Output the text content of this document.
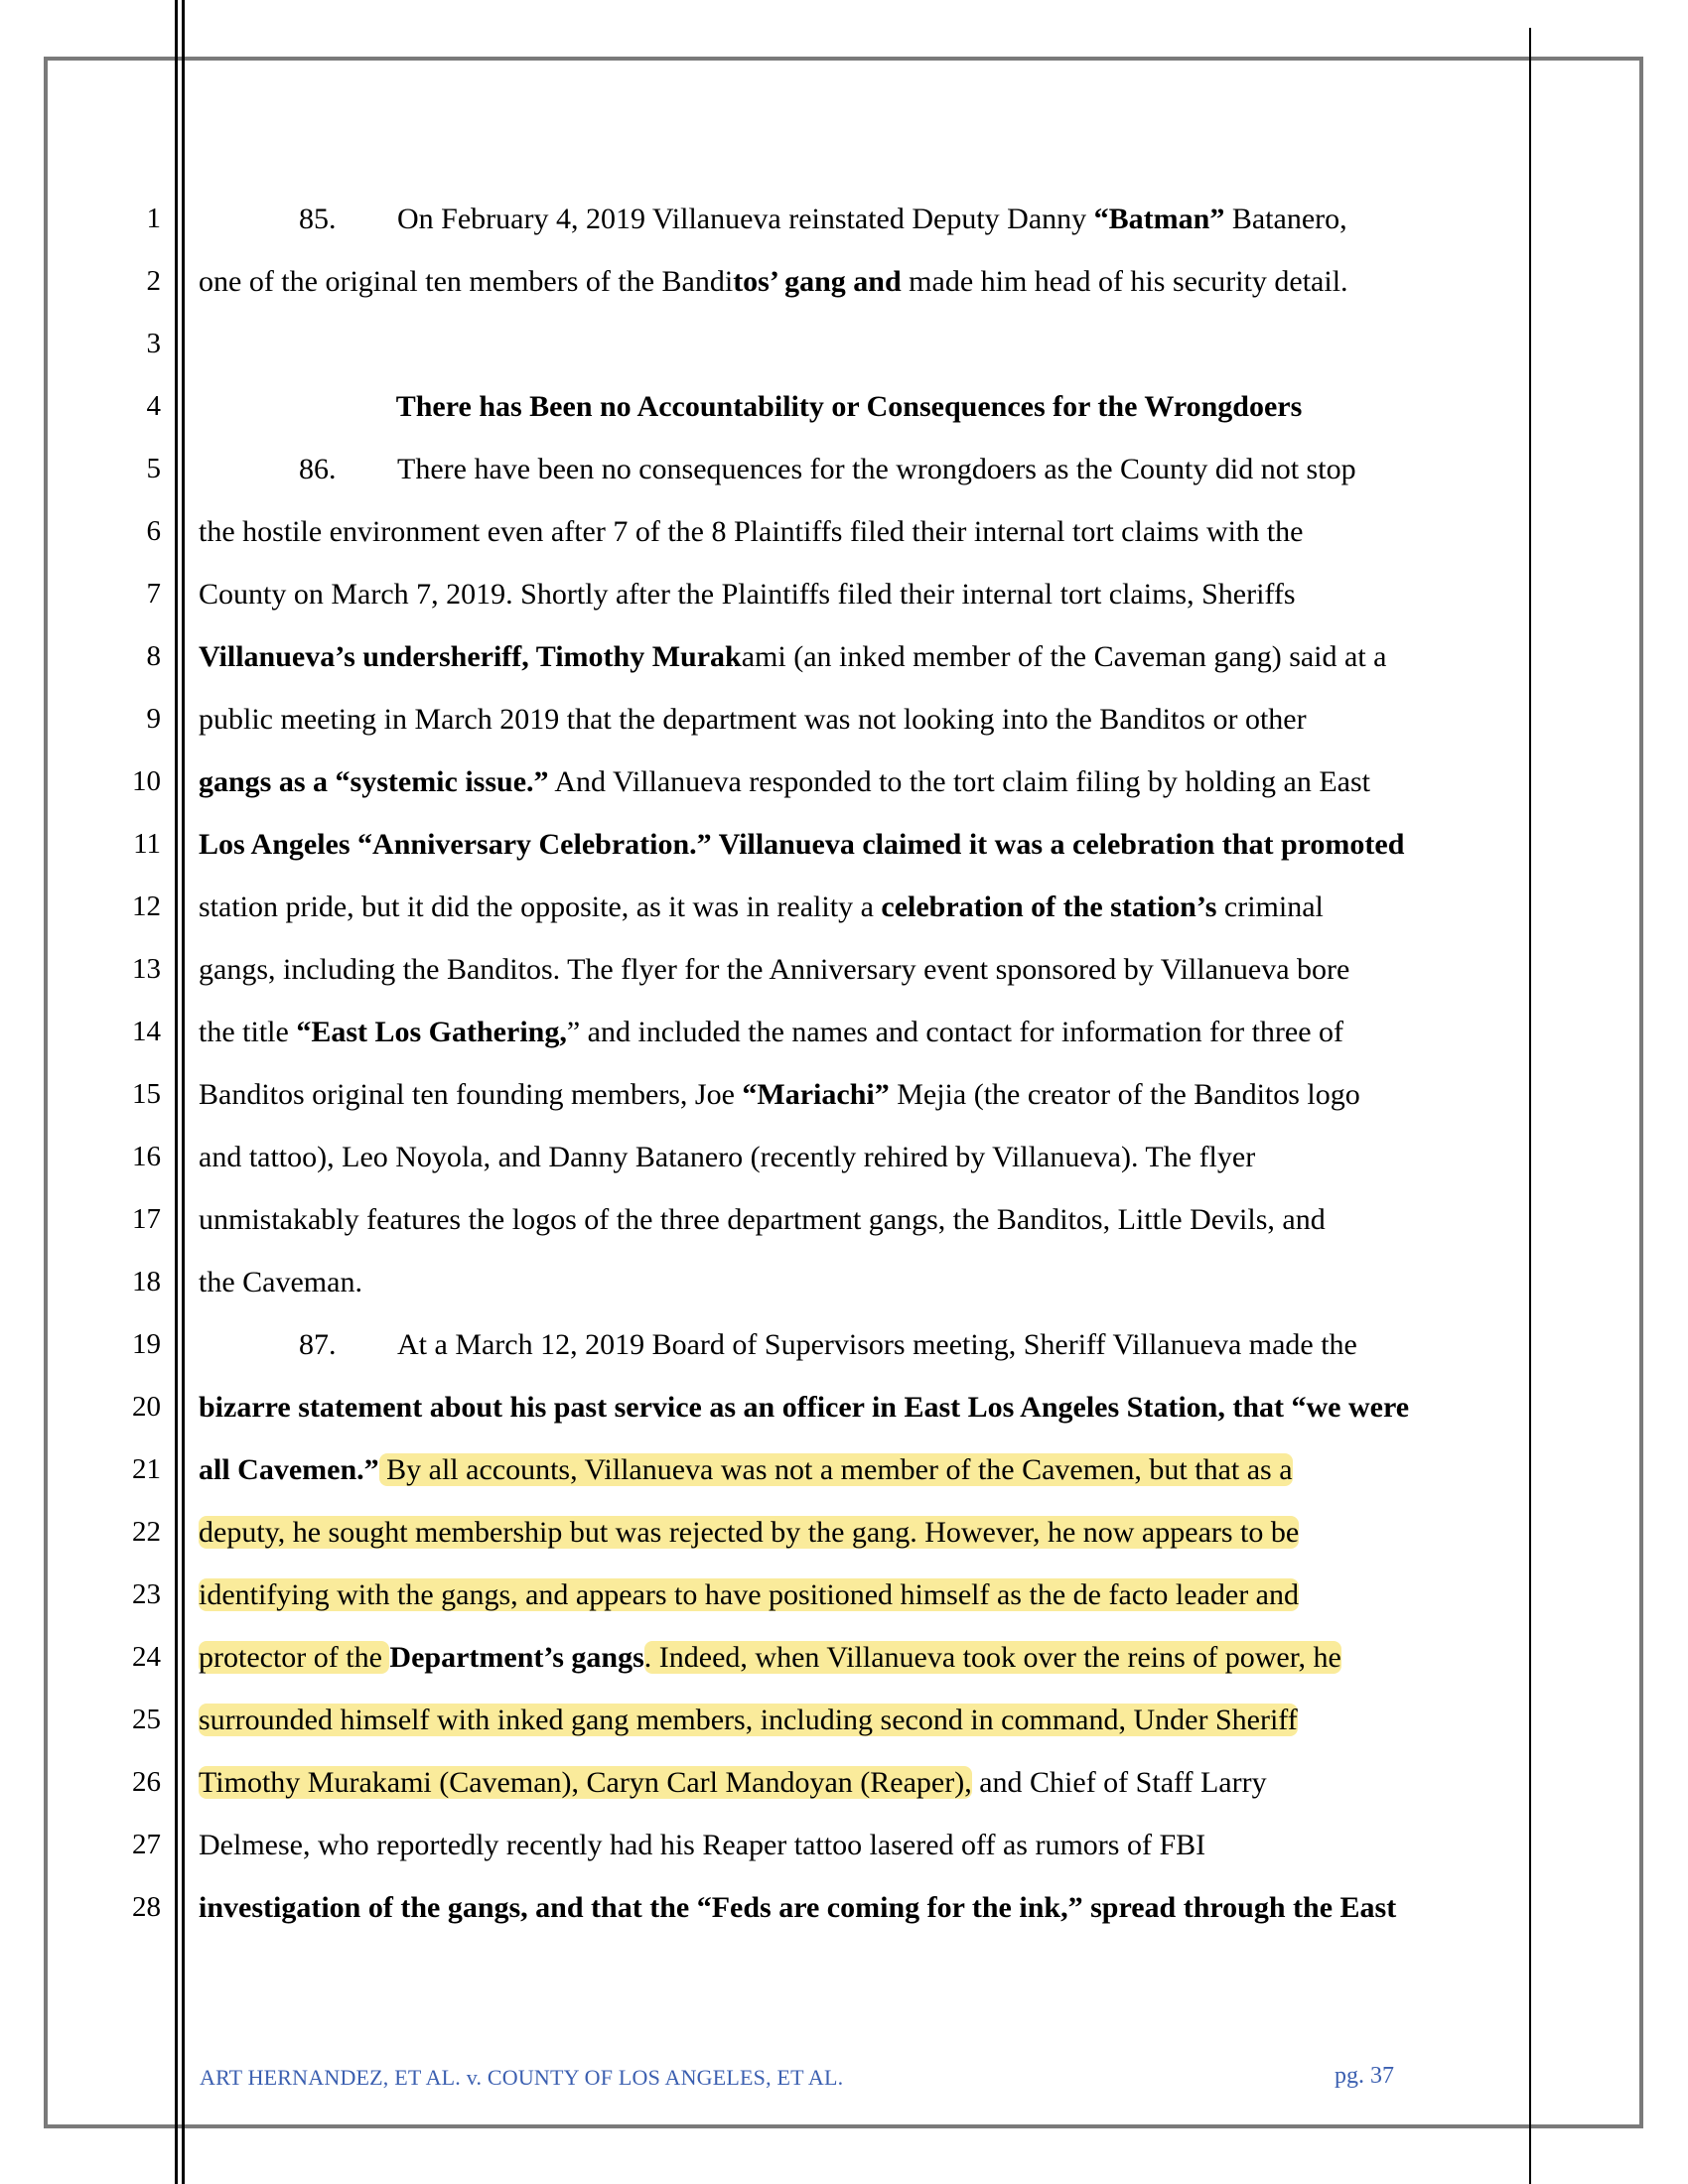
1
2
3
4
5
6
7
8
9
10
11
12
13
14
15
16
17
18
19
20
21
22
23
24
25
26
27
28
85. On February 4, 2019 Villanueva reinstated Deputy Danny “Batman” Batanero,
one of the original ten members of the Banditos’ gang and made him head of his security detail.
There has Been no Accountability or Consequences for the Wrongdoers
86. There have been no consequences for the wrongdoers as the County did not stop
the hostile environment even after 7 of the 8 Plaintiffs filed their internal tort claims with the
County on March 7, 2019. Shortly after the Plaintiffs filed their internal tort claims, Sheriffs
Villanueva’s undersheriff, Timothy Murakami (an inked member of the Caveman gang) said at a
public meeting in March 2019 that the department was not looking into the Banditos or other
gangs as a “systemic issue.” And Villanueva responded to the tort claim filing by holding an East
Los Angeles “Anniversary Celebration.” Villanueva claimed it was a celebration that promoted
station pride, but it did the opposite, as it was in reality a celebration of the station’s criminal
gangs, including the Banditos. The flyer for the Anniversary event sponsored by Villanueva bore
the title “East Los Gathering,” and included the names and contact for information for three of
Banditos original ten founding members, Joe “Mariachi” Mejia (the creator of the Banditos logo
and tattoo), Leo Noyola, and Danny Batanero (recently rehired by Villanueva). The flyer
unmistakably features the logos of the three department gangs, the Banditos, Little Devils, and
the Caveman.
87. At a March 12, 2019 Board of Supervisors meeting, Sheriff Villanueva made the
bizarre statement about his past service as an officer in East Los Angeles Station, that “we were
all Cavemen.” By all accounts, Villanueva was not a member of the Cavemen, but that as a
deputy, he sought membership but was rejected by the gang. However, he now appears to be
identifying with the gangs, and appears to have positioned himself as the de facto leader and
protector of the Department’s gangs. Indeed, when Villanueva took over the reins of power, he
surrounded himself with inked gang members, including second in command, Under Sheriff
Timothy Murakami (Caveman), Caryn Carl Mandoyan (Reaper), and Chief of Staff Larry
Delmese, who reportedly recently had his Reaper tattoo lasered off as rumors of FBI
investigation of the gangs, and that the “Feds are coming for the ink,” spread through the East
ART HERNANDEZ, ET AL. v. COUNTY OF LOS ANGELES, ET AL.	pg. 37
